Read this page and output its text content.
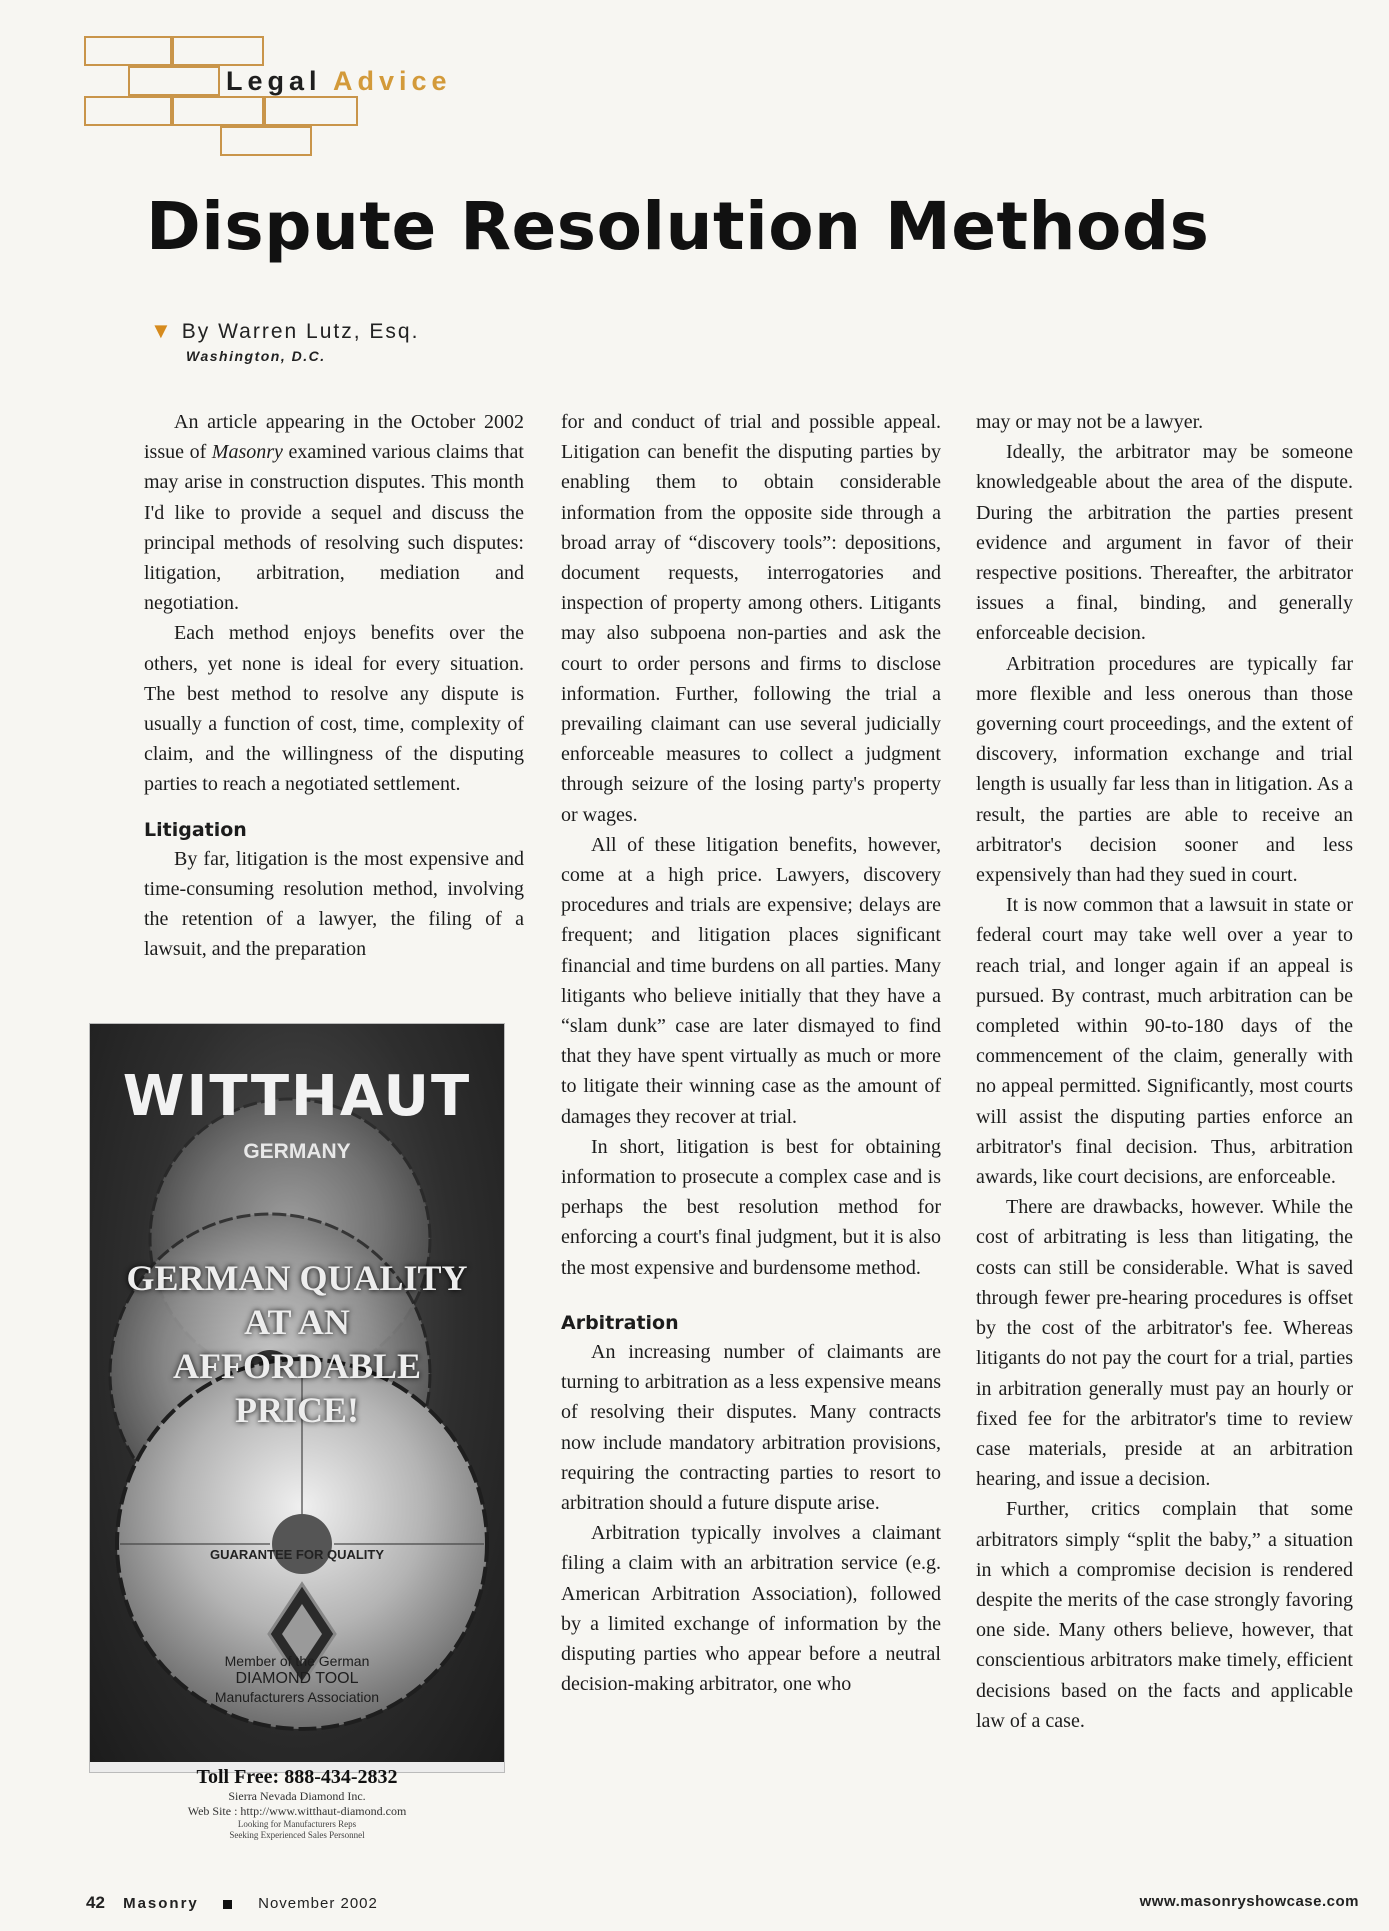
Legal Advice
Dispute Resolution Methods
▼ By Warren Lutz, Esq.
Washington, D.C.

An article appearing in the October 2002 issue of Masonry examined various claims that may arise in construction disputes. This month I'd like to provide a sequel and discuss the principal methods of resolving such disputes: litigation, arbitration, mediation and negotiation.

Each method enjoys benefits over the others, yet none is ideal for every situation. The best method to resolve any dispute is usually a function of cost, time, complexity of claim, and the willingness of the disputing parties to reach a negotiated settlement.

Litigation

By far, litigation is the most expensive and time-consuming resolution method, involving the retention of a lawyer, the filing of a lawsuit, and the preparation

for and conduct of trial and possible appeal. Litigation can benefit the disputing parties by enabling them to obtain considerable information from the opposite side through a broad array of “discovery tools”: depositions, document requests, interrogatories and inspection of property among others. Litigants may also subpoena non-parties and ask the court to order persons and firms to disclose information. Further, following the trial a prevailing claimant can use several judicially enforceable measures to collect a judgment through seizure of the losing party's property or wages.

All of these litigation benefits, however, come at a high price. Lawyers, discovery procedures and trials are expensive; delays are frequent; and litigation places significant financial and time burdens on all parties. Many litigants who believe initially that they have a “slam dunk” case are later dismayed to find that they have spent virtually as much or more to litigate their winning case as the amount of damages they recover at trial.

In short, litigation is best for obtaining information to prosecute a complex case and is perhaps the best resolution method for enforcing a court's final judgment, but it is also the most expensive and burdensome method.

Arbitration

An increasing number of claimants are turning to arbitration as a less expensive means of resolving their disputes. Many contracts now include mandatory arbitration provisions, requiring the contracting parties to resort to arbitration should a future dispute arise.

Arbitration typically involves a claimant filing a claim with an arbitration service (e.g. American Arbitration Association), followed by a limited exchange of information by the disputing parties who appear before a neutral decision-making arbitrator, one who

may or may not be a lawyer.

Ideally, the arbitrator may be someone knowledgeable about the area of the dispute. During the arbitration the parties present evidence and argument in favor of their respective positions. Thereafter, the arbitrator issues a final, binding, and generally enforceable decision.

Arbitration procedures are typically far more flexible and less onerous than those governing court proceedings, and the extent of discovery, information exchange and trial length is usually far less than in litigation. As a result, the parties are able to receive an arbitrator's decision sooner and less expensively than had they sued in court.

It is now common that a lawsuit in state or federal court may take well over a year to reach trial, and longer again if an appeal is pursued. By contrast, much arbitration can be completed within 90-to-180 days of the commencement of the claim, generally with no appeal permitted. Significantly, most courts will assist the disputing parties enforce an arbitrator's final decision. Thus, arbitration awards, like court decisions, are enforceable.

There are drawbacks, however. While the cost of arbitrating is less than litigating, the costs can still be considerable. What is saved through fewer pre-hearing procedures is offset by the cost of the arbitrator's fee. Whereas litigants do not pay the court for a trial, parties in arbitration generally must pay an hourly or fixed fee for the arbitrator's time to review case materials, preside at an arbitration hearing, and issue a decision.

Further, critics complain that some arbitrators simply “split the baby,” a situation in which a compromise decision is rendered despite the merits of the case strongly favoring one side. Many others believe, however, that conscientious arbitrators make timely, efficient decisions based on the facts and applicable law of a case.

WITTHAUT
GERMANY
GERMAN QUALITY
AT AN
AFFORDABLE
PRICE!
GUARANTEE FOR QUALITY
Member of the German
DIAMOND TOOL
Manufacturers Association
Toll Free: 888-434-2832
Sierra Nevada Diamond Inc.
Web Site : http://www.witthaut-diamond.com
Looking for Manufacturers Reps
Seeking Experienced Sales Personnel
42 Masonry	November 2002	www.masonryshowcase.com
